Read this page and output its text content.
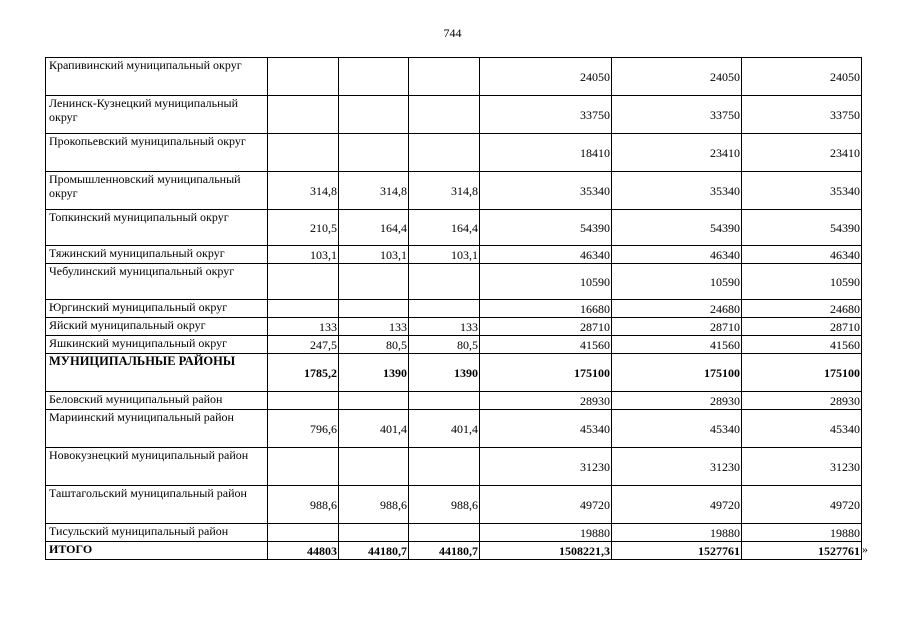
744
Крапивинский муниципальный округ				24050	24050	24050
Ленинск-Кузнецкий муниципальный округ				33750	33750	33750
Прокопьевский муниципальный округ				18410	23410	23410
Промышленновский муниципальный округ	314,8	314,8	314,8	35340	35340	35340
Топкинский муниципальный округ	210,5	164,4	164,4	54390	54390	54390
Тяжинский муниципальный округ	103,1	103,1	103,1	46340	46340	46340
Чебулинский муниципальный округ				10590	10590	10590
Юргинский муниципальный округ				16680	24680	24680
Яйский муниципальный округ	133	133	133	28710	28710	28710
Яшкинский муниципальный округ	247,5	80,5	80,5	41560	41560	41560
МУНИЦИПАЛЬНЫЕ РАЙОНЫ	1785,2	1390	1390	175100	175100	175100
Беловский муниципальный район				28930	28930	28930
Мариинский муниципальный район	796,6	401,4	401,4	45340	45340	45340
Новокузнецкий муниципальный район				31230	31230	31230
Таштагольский муниципальный район	988,6	988,6	988,6	49720	49720	49720
Тисульский муниципальный район				19880	19880	19880
ИТОГО	44803	44180,7	44180,7	1508221,3	1527761	1527761 »
